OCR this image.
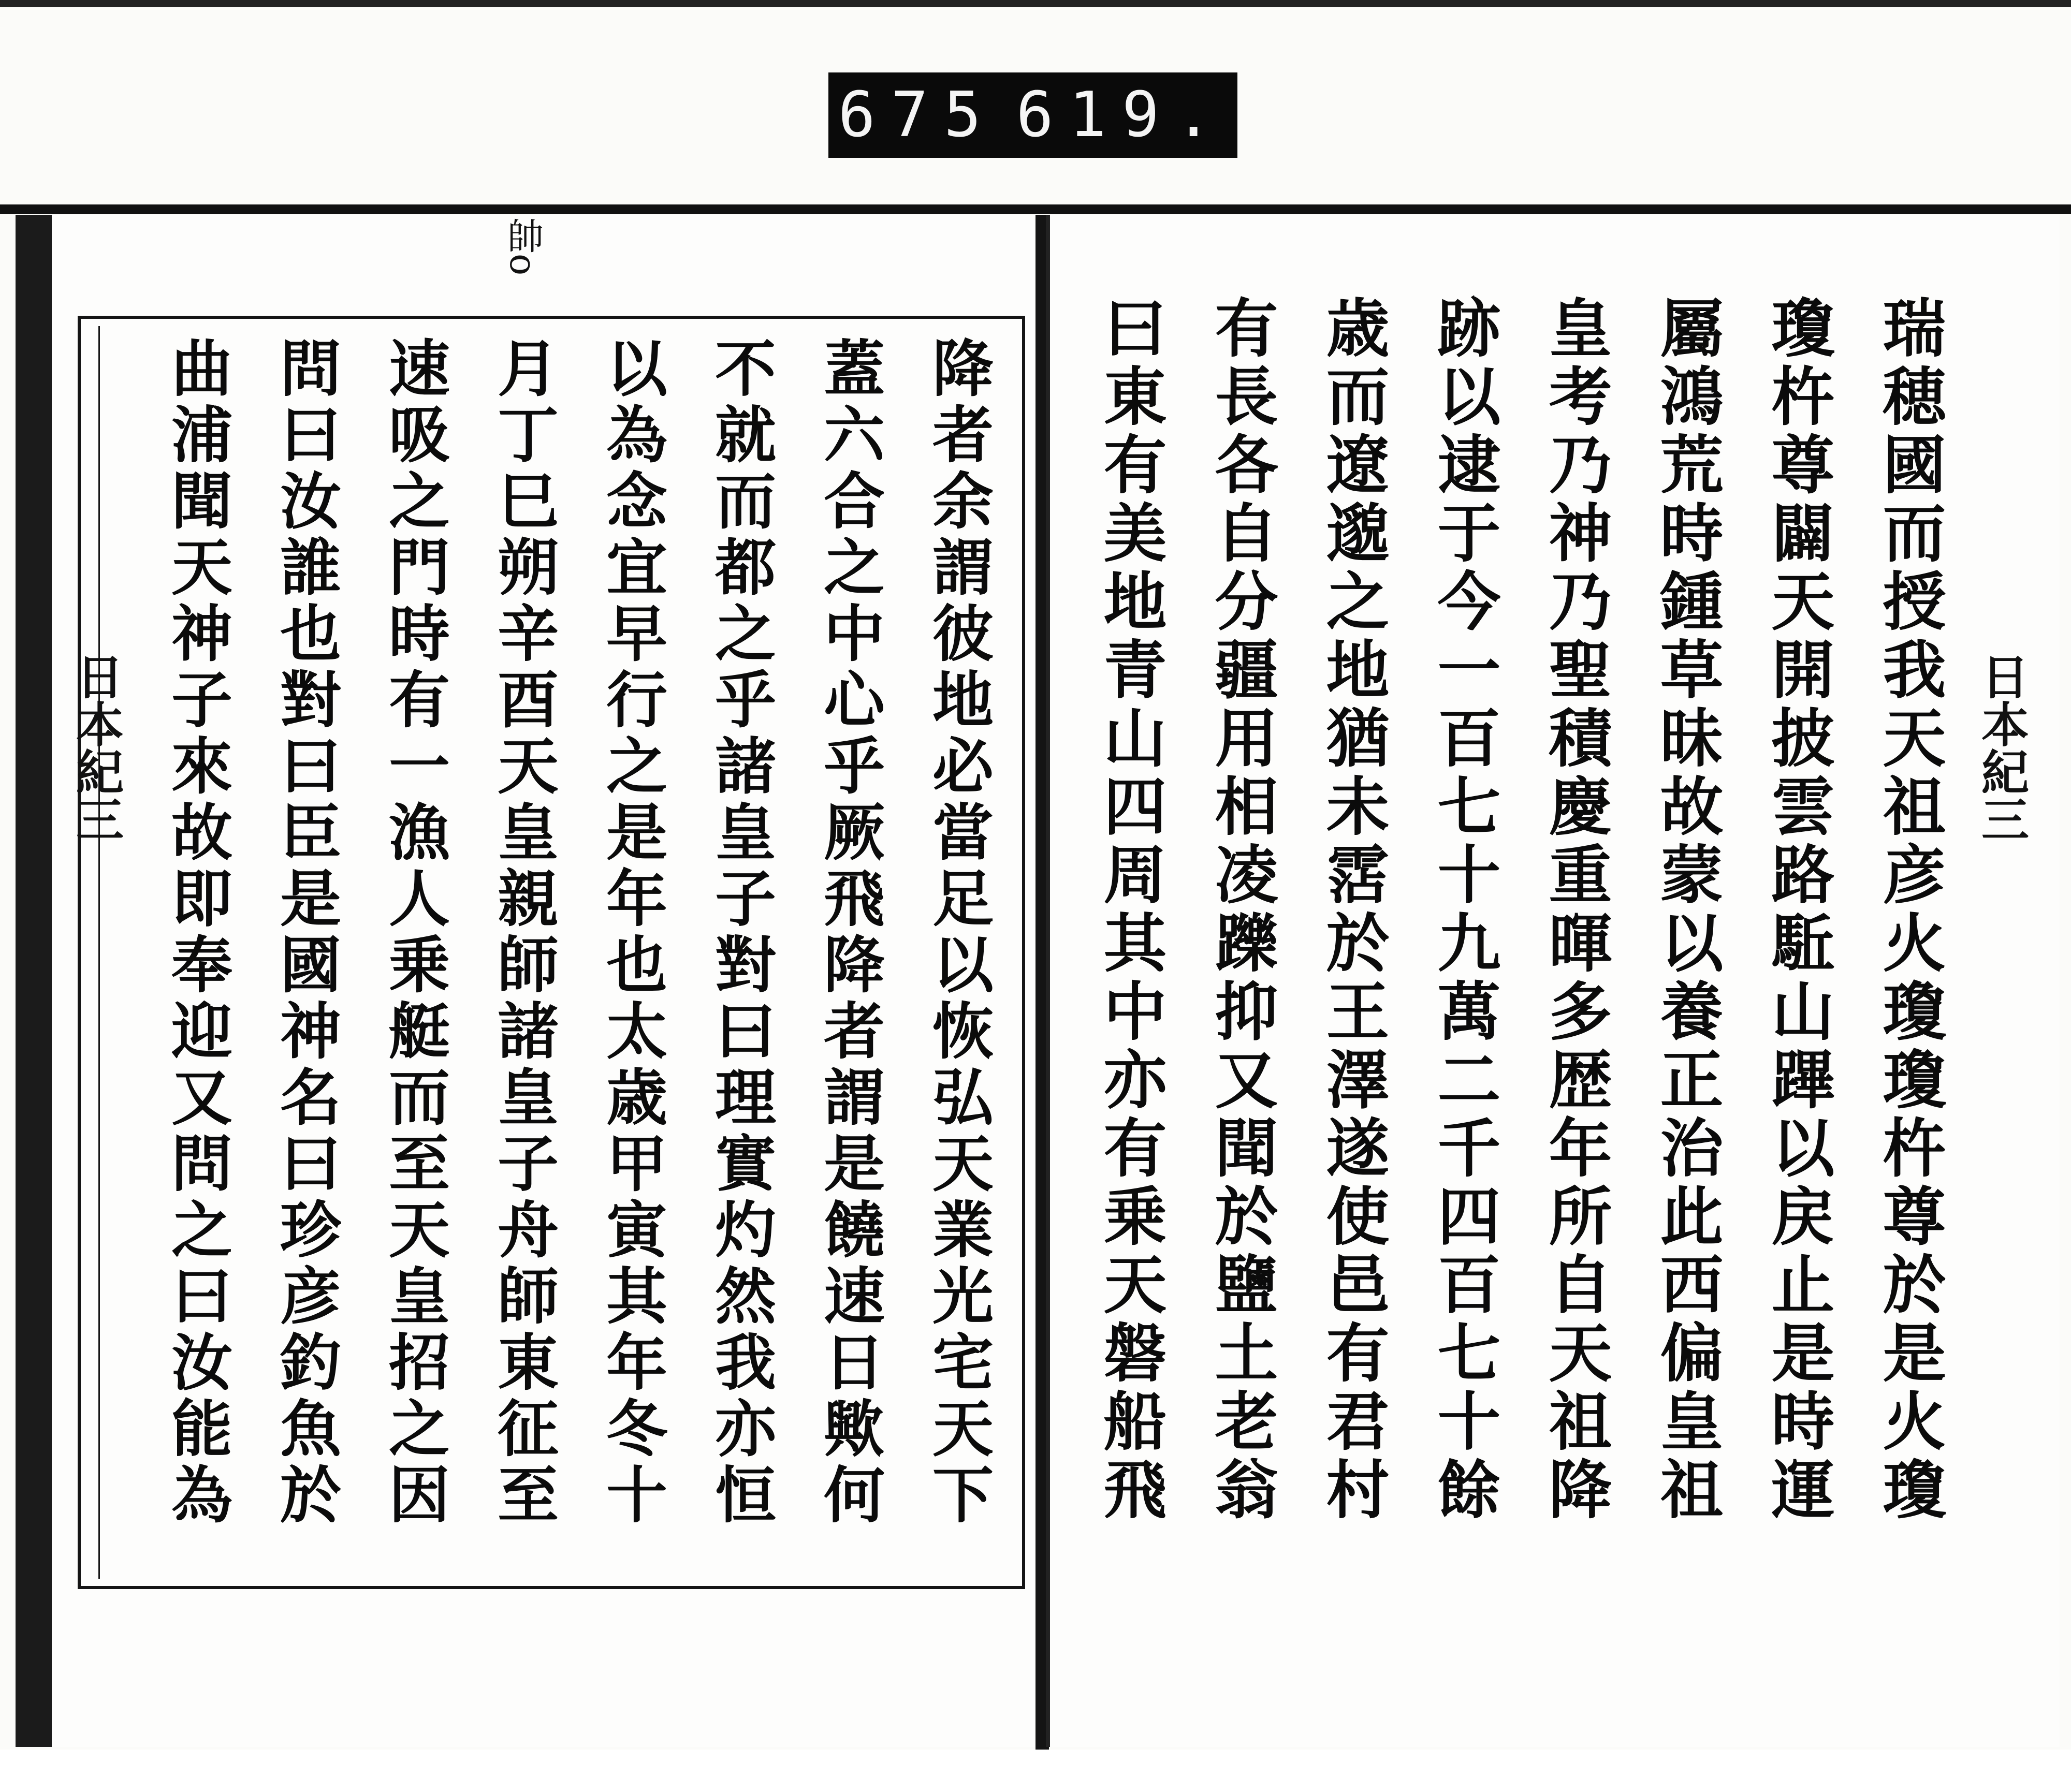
675 619.
帥o
日本紀三	降者余謂彼地必當足以恢弘天業光宅天下
蓋六合之中心乎厥飛降者謂是饒速日歟何
不就而都之乎諸皇子對曰理實灼然我亦恒
以為念宜早行之是年也太歳甲寅其年冬十
月丁巳朔辛酉天皇親師諸皇子舟師東征至
速吸之門時有一漁人乗艇而至天皇招之因
問曰汝誰也對曰臣是國神名曰珍彦釣魚於
曲浦聞天神子來故即奉迎又問之曰汝能為	日本紀三
瑞穂國而授我天祖彦火瓊瓊杵尊於是火瓊
瓊杵尊闢天開披雲路駈山蹕以戻止是時運
屬鴻荒時鍾草昧故蒙以養正治此西偏皇祖
皇考乃神乃聖積慶重暉多歴年所自天祖降
跡以逮于今一百七十九萬二千四百七十餘
歳而遼邈之地猶未霑於王澤遂使邑有君村
有長各自分疆用相凌躒抑又聞於鹽土老翁
曰東有美地青山四周其中亦有乗天磐船飛
